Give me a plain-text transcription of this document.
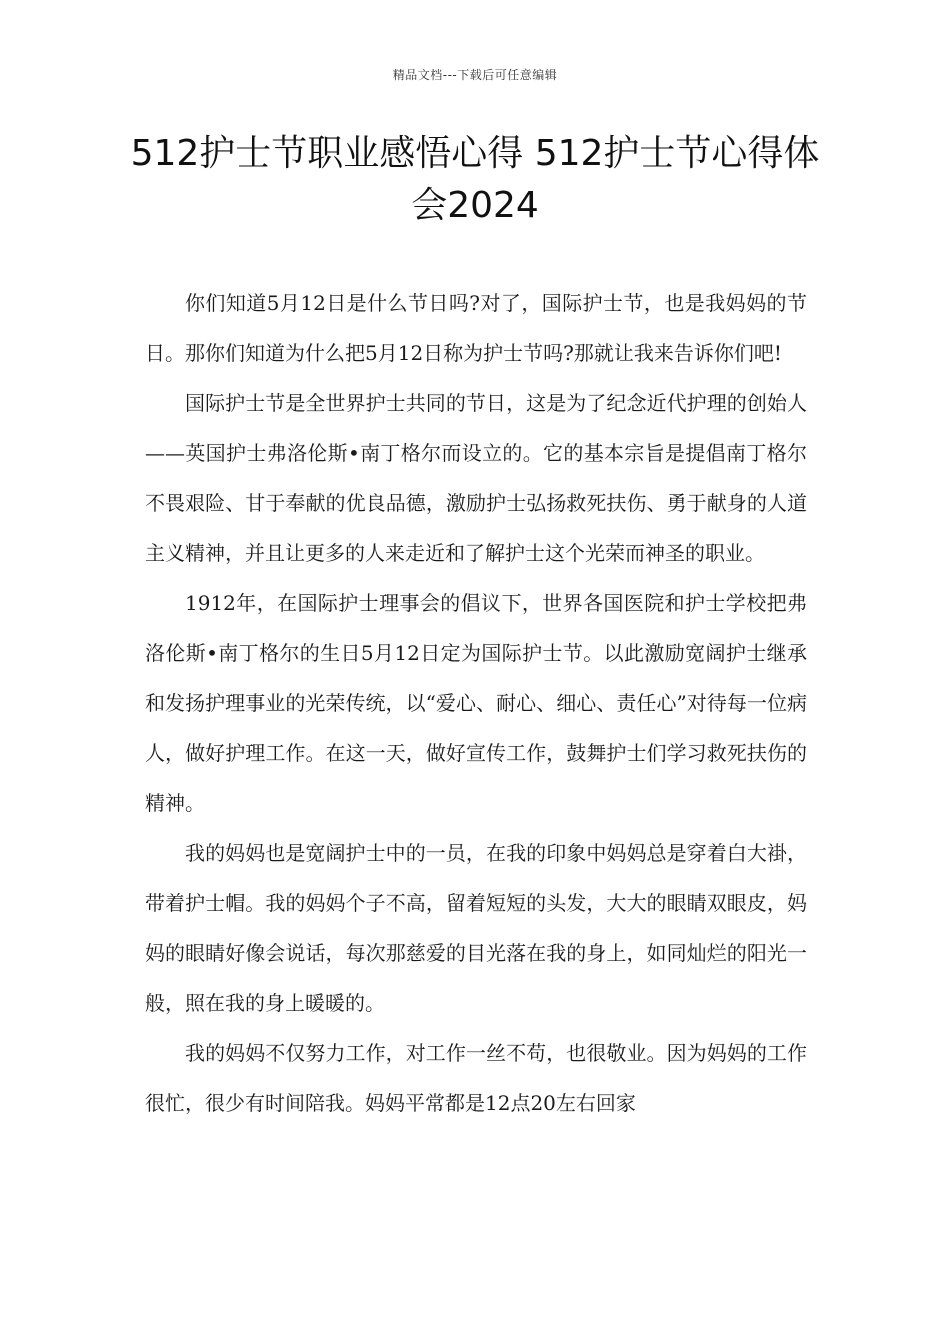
精品文档---下载后可任意编辑
512护士节职业感悟心得 512护士节心得体会2024

你们知道5月12日是什么节日吗?对了，国际护士节，也是我妈妈的节日。那你们知道为什么把5月12日称为护士节吗?那就让我来告诉你们吧!

国际护士节是全世界护士共同的节日，这是为了纪念近代护理的创始人——英国护士弗洛伦斯•南丁格尔而设立的。它的基本宗旨是提倡南丁格尔不畏艰险、甘于奉献的优良品德，激励护士弘扬救死扶伤、勇于献身的人道主义精神，并且让更多的人来走近和了解护士这个光荣而神圣的职业。

1912年，在国际护士理事会的倡议下，世界各国医院和护士学校把弗洛伦斯•南丁格尔的生日5月12日定为国际护士节。以此激励宽阔护士继承和发扬护理事业的光荣传统，以“爱心、耐心、细心、责任心”对待每一位病人，做好护理工作。在这一天，做好宣传工作，鼓舞护士们学习救死扶伤的精神。

我的妈妈也是宽阔护士中的一员，在我的印象中妈妈总是穿着白大褂，带着护士帽。我的妈妈个子不高，留着短短的头发，大大的眼睛双眼皮，妈妈的眼睛好像会说话，每次那慈爱的目光落在我的身上，如同灿烂的阳光一般，照在我的身上暖暖的。

我的妈妈不仅努力工作，对工作一丝不苟，也很敬业。因为妈妈的工作很忙，很少有时间陪我。妈妈平常都是12点20左右回家
